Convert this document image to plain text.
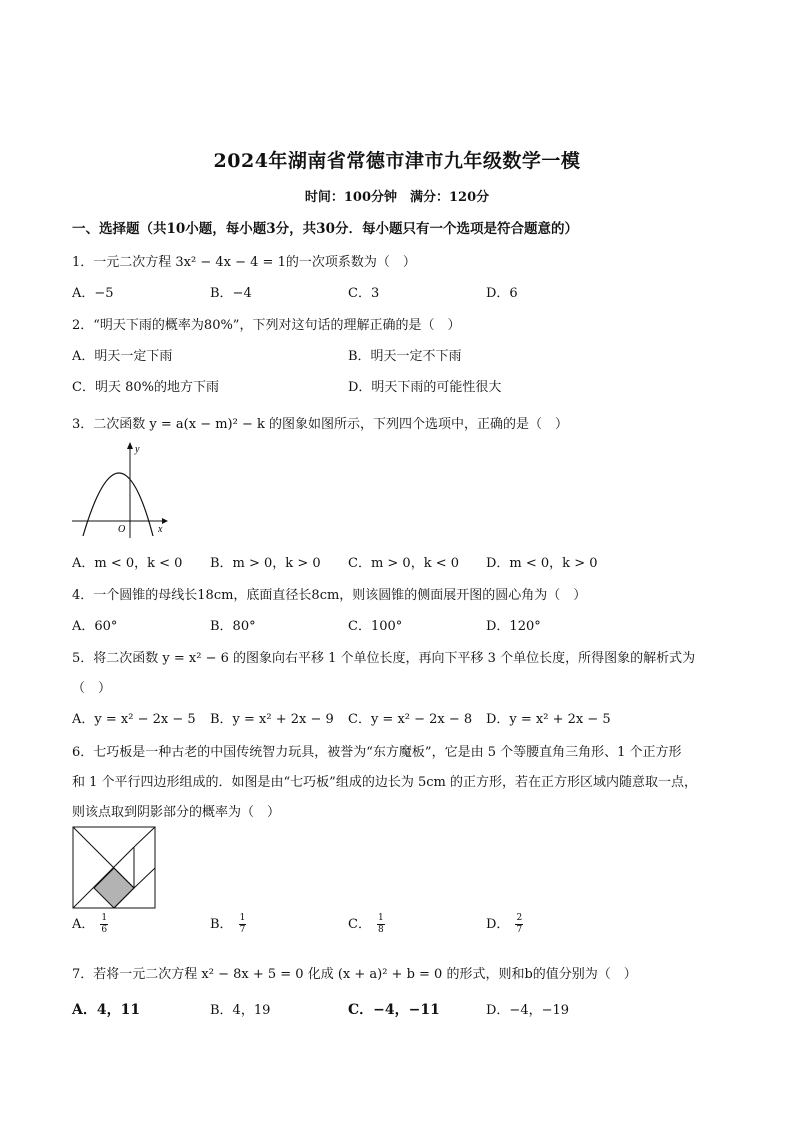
2024年湖南省常德市津市九年级数学一模
时间：100分钟　满分：120分
一、选择题（共10小题，每小题3分，共30分．每小题只有一个选项是符合题意的）
1．一元二次方程 3x² − 4x − 4 = 1的一次项系数为（　）
A．−5	B．−4	C．3	D．6
2．“明天下雨的概率为80%”，下列对这句话的理解正确的是（　）
A．明天一定下雨	B．明天一定不下雨
C．明天 80%的地方下雨	D．明天下雨的可能性很大
3．二次函数 y = a(x − m)² − k 的图象如图所示，下列四个选项中，正确的是（　）
y
x
O
A．m < 0，k < 0 B．m > 0，k > 0 C．m > 0，k < 0 D．m < 0，k > 0
4．一个圆锥的母线长18cm，底面直径长8cm，则该圆锥的侧面展开图的圆心角为（　）
A．60°	B．80°	C．100°	D．120°
5．将二次函数 y = x² − 6 的图象向右平移 1 个单位长度，再向下平移 3 个单位长度，所得图象的解析式为
（　）
A．y = x² − 2x − 5 B．y = x² + 2x − 9 C．y = x² − 2x − 8 D．y = x² + 2x − 5
6．七巧板是一种古老的中国传统智力玩具，被誉为“东方魔板”，它是由 5 个等腰直角三角形、1 个正方形
和 1 个平行四边形组成的．如图是由“七巧板”组成的边长为 5cm 的正方形，若在正方形区域内随意取一点，
则该点取到阴影部分的概率为（　）
A． $\frac{1}{6}$	B． $\frac{1}{7}$	C． $\frac{1}{8}$	D． $\frac{2}{7}$
7．若将一元二次方程 x² − 8x + 5 = 0 化成 (x + a)² + b = 0 的形式，则和b的值分别为（　）
A．4，11	B．4，19	C．−4，−11	D．−4，−19
